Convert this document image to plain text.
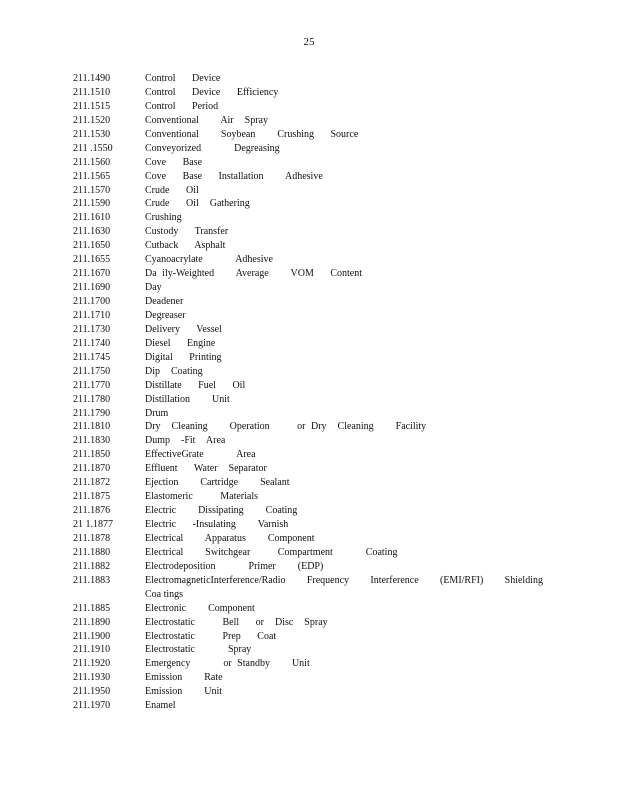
25
211.1490	Control   Device
211.1510	Control   Device   Efficiency
211.1515	Control   Period
211.1520	Conventional    Air  Spray
211.1530	Conventional    Soybean    Crushing   Source
211 .1550	Conveyorized      Degreasing
211.1560	Cove   Base
211.1565	Cove   Base   Installation    Adhesive
211.1570	Crude   Oil
211.1590	Crude   Oil  Gathering
211.1610	Crushing
211.1630	Custody   Transfer
211.1650	Cutback   Asphalt
211.1655	Cyanoacrylate      Adhesive
211.1670	Da ily-Weighted    Average    VOM   Content
211.1690	Day
211.1700	Deadener
211.1710	Degreaser
211.1730	Delivery   Vessel
211.1740	Diesel   Engine
211.1745	Digital   Printing
211.1750	Dip  Coating
211.1770	Distillate   Fuel   Oil
211.1780	Distillation    Unit
211.1790	Drum
211.1810	Dry  Cleaning    Operation     or Dry  Cleaning    Facility
211.1830	Dump  -Fit  Area
211.1850	EffectiveGrate      Area
211.1870	Effluent   Water  Separator
211.1872	Ejection    Cartridge    Sealant
211.1875	Elastomeric     Materials
211.1876	Electric    Dissipating    Coating
21 1.1877	Electric   -Insulating    Varnish
211.1878	Electrical    Apparatus    Component
211.1880	Electrical    Switchgear     Compartment      Coating
211.1882	Electrodeposition      Primer    (EDP)
211.1883	ElectromagneticInterference/Radio Frequency Interference (EMI/RFI) Shielding
Coa tings
211.1885	Electronic    Component
211.1890	Electrostatic     Bell   or  Disc  Spray
211.1900	Electrostatic     Prep   Coat
211.1910	Electrostatic      Spray
211.1920	Emergency      or Standby    Unit
211.1930	Emission    Rate
211.1950	Emission    Unit
211.1970	Enamel
